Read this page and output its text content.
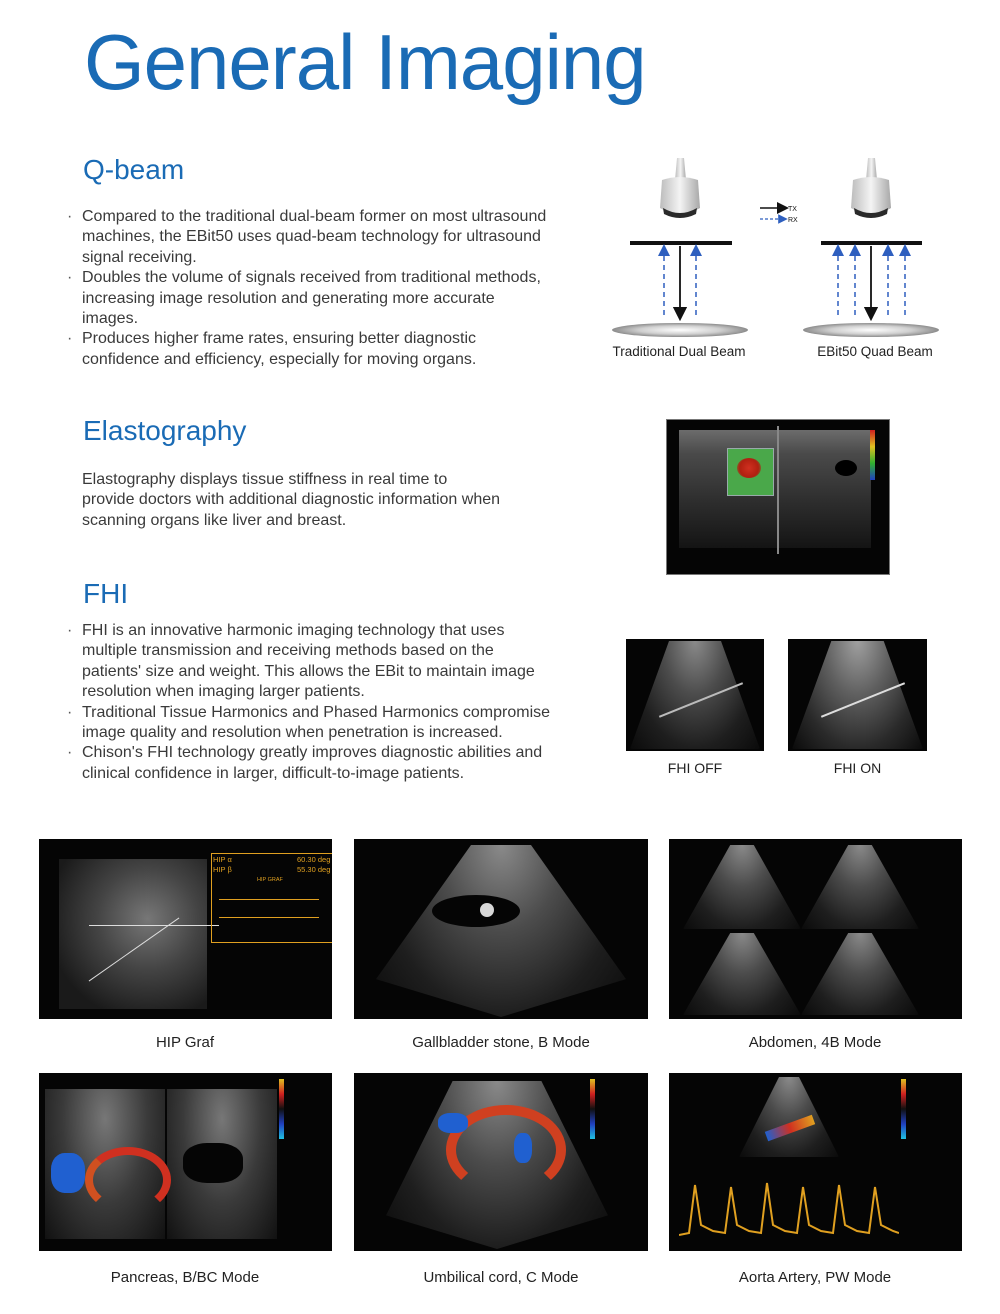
General Imaging
Q-beam
· Compared to the traditional dual-beam former on most ultrasound machines, the EBit50 uses quad-beam technology for ultrasound signal receiving.
· Doubles the volume of signals received from traditional methods, increasing image resolution and generating more accurate images.
· Produces higher frame rates, ensuring better diagnostic confidence and efficiency, especially for moving organs.	Traditional Dual Beam
TX
RX
EBit50 Quad Beam
Elastography
Elastography displays tissue stiffness in real time to provide doctors with additional diagnostic information when scanning organs like liver and breast.
FHI
· FHI is an innovative harmonic imaging technology that uses multiple transmission and receiving methods based on the patients' size and weight. This allows the EBit to maintain image resolution when imaging larger patients.
· Traditional Tissue Harmonics and Phased Harmonics compromise image quality and resolution when penetration is increased.
· Chison's FHI technology greatly improves diagnostic abilities and clinical confidence in larger, difficult-to-image patients.	FHI OFF	FHI ON
HIP α	60.30 deg
HIP β	55.30 deg
HIP GRAF
HIP Graf	Gallbladder stone, B Mode	Abdomen, 4B Mode
Pancreas, B/BC Mode	Umbilical cord, C Mode	Aorta Artery, PW Mode
